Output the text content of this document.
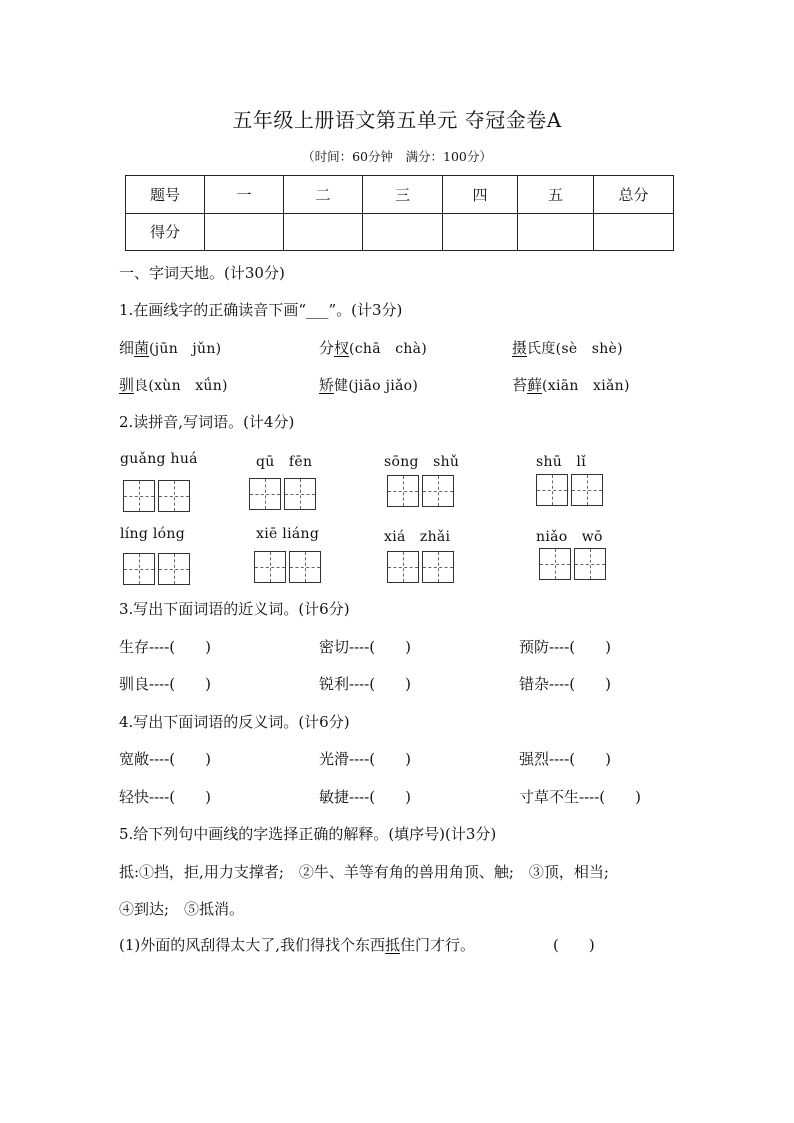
五年级上册语文第五单元 夺冠金卷A
（时间：60分钟　满分：100分）
题号	一	二	三	四	五	总分
得分						
一、字词天地。(计30分)
1.在画线字的正确读音下画“___”。(计3分)
细菌(jūn　jǔn)	分杈(chā　chà)	摄氏度(sè　shè)
驯良(xùn　xǘn)	矫健(jiāo jiǎo)	苔藓(xiān　xiǎn)
2.读拼音,写词语。(计4分)
guǎng huá	qū　fēn	sōng　shǔ	shū　lǐ
líng lóng	xiē liáng	xiá　zhǎi	niǎo　wō
3.写出下面词语的近义词。(计6分)
生存----(　　)	密切----(　　)	预防----(　　)
驯良----(　　)	锐利----(　　)	错杂----(　　)
4.写出下面词语的反义词。(计6分)
宽敞----(　　)	光滑----(　　)	强烈----(　　)
轻快----(　　)	敏捷----(　　)	寸草不生----(　　)
5.给下列句中画线的字选择正确的解释。(填序号)(计3分)
抵:①挡，拒,用力支撑者;　②牛、羊等有角的兽用角顶、触;　③顶，相当;
④到达;　⑤抵消。
(1)外面的风刮得太大了,我们得找个东西抵住门才行。	(　　)
